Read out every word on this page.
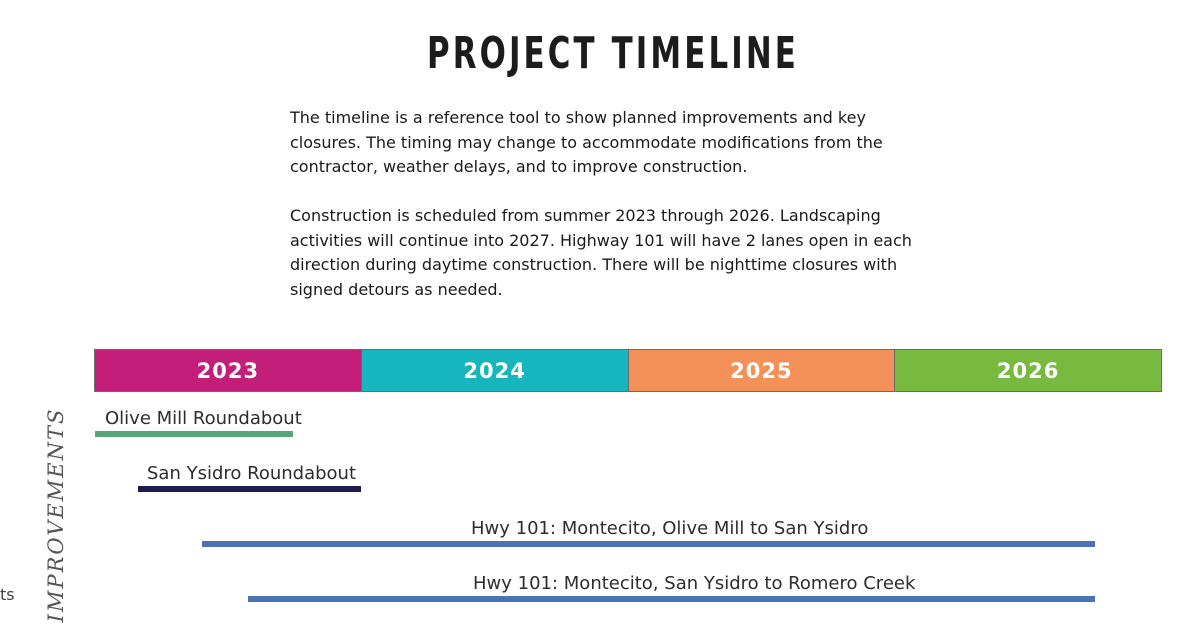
PROJECT TIMELINE

The timeline is a reference tool to show planned improvements and key closures. The timing may change to accommodate modifications from the contractor, weather delays, and to improve construction.

Construction is scheduled from summer 2023 through 2026. Landscaping activities will continue into 2027. Highway 101 will have 2 lanes open in each direction during daytime construction. There will be nighttime closures with signed detours as needed.

2023	2024	2025	2026
IMPROVEMENTS
ts
Olive Mill Roundabout
San Ysidro Roundabout
Hwy 101: Montecito, Olive Mill to San Ysidro
Hwy 101: Montecito, San Ysidro to Romero Creek
